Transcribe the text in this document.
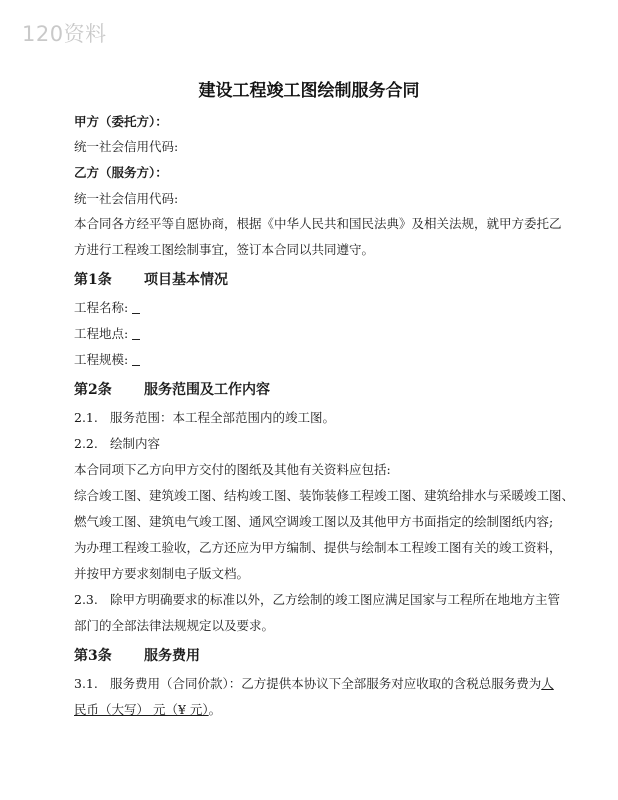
120资料
建设工程竣工图绘制服务合同
甲方（委托方）：
统一社会信用代码:
乙方（服务方）：
统一社会信用代码:
本合同各方经平等自愿协商，根据《中华人民共和国民法典》及相关法规，就甲方委托乙
方进行工程竣工图绘制事宜，签订本合同以共同遵守。
第1条 项目基本情况
工程名称:
工程地点:
工程规模:
第2条 服务范围及工作内容
2.1. 服务范围：本工程全部范围内的竣工图。
2.2. 绘制内容
本合同项下乙方向甲方交付的图纸及其他有关资料应包括:
综合竣工图、建筑竣工图、结构竣工图、装饰装修工程竣工图、建筑给排水与采暖竣工图、
燃气竣工图、建筑电气竣工图、通风空调竣工图以及其他甲方书面指定的绘制图纸内容;
为办理工程竣工验收，乙方还应为甲方编制、提供与绘制本工程竣工图有关的竣工资料，
并按甲方要求刻制电子版文档。
2.3. 除甲方明确要求的标准以外，乙方绘制的竣工图应满足国家与工程所在地地方主管
部门的全部法律法规规定以及要求。
第3条 服务费用
3.1. 服务费用（合同价款）：乙方提供本协议下全部服务对应收取的含税总服务费为人
民币（大写） 元（¥ 元）。
